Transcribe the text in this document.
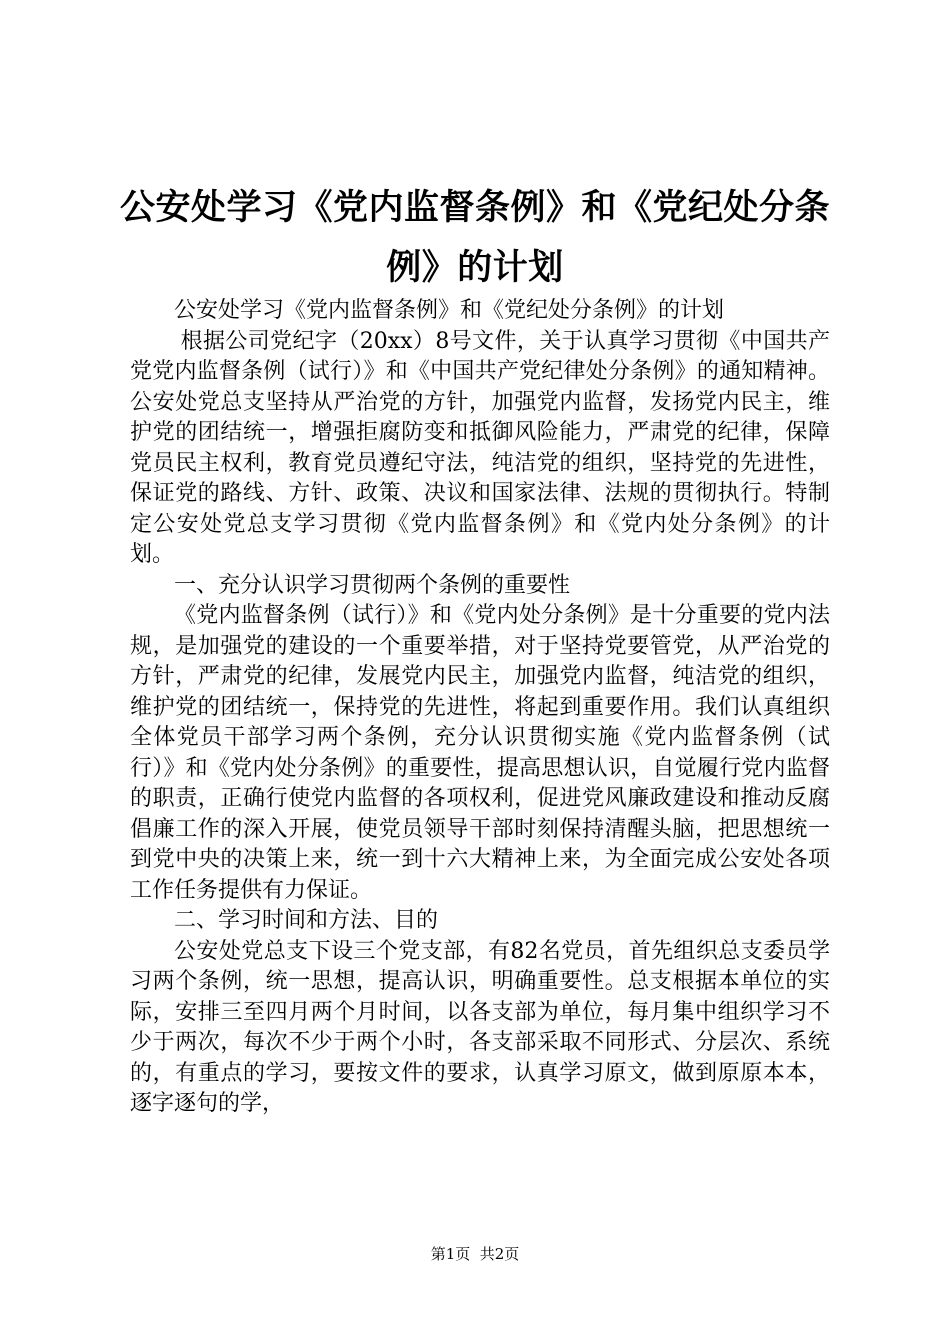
公安处学习《党内监督条例》和《党纪处分条例》的计划

公安处学习《党内监督条例》和《党纪处分条例》的计划

根据公司党纪字（20xx）8号文件，关于认真学习贯彻《中国共产党党内监督条例（试行）》和《中国共产党纪律处分条例》的通知精神。公安处党总支坚持从严治党的方针，加强党内监督，发扬党内民主，维护党的团结统一，增强拒腐防变和抵御风险能力，严肃党的纪律，保障党员民主权利，教育党员遵纪守法，纯洁党的组织，坚持党的先进性，保证党的路线、方针、政策、决议和国家法律、法规的贯彻执行。特制定公安处党总支学习贯彻《党内监督条例》和《党内处分条例》的计划。

一、充分认识学习贯彻两个条例的重要性

《党内监督条例（试行）》和《党内处分条例》是十分重要的党内法规，是加强党的建设的一个重要举措，对于坚持党要管党，从严治党的方针，严肃党的纪律，发展党内民主，加强党内监督，纯洁党的组织，维护党的团结统一，保持党的先进性，将起到重要作用。我们认真组织全体党员干部学习两个条例，充分认识贯彻实施《党内监督条例（试行）》和《党内处分条例》的重要性，提高思想认识，自觉履行党内监督的职责，正确行使党内监督的各项权利，促进党风廉政建设和推动反腐倡廉工作的深入开展，使党员领导干部时刻保持清醒头脑，把思想统一到党中央的决策上来，统一到十六大精神上来，为全面完成公安处各项工作任务提供有力保证。

二、学习时间和方法、目的

公安处党总支下设三个党支部，有82名党员，首先组织总支委员学习两个条例，统一思想，提高认识，明确重要性。总支根据本单位的实际，安排三至四月两个月时间，以各支部为单位，每月集中组织学习不少于两次，每次不少于两个小时，各支部采取不同形式、分层次、系统的，有重点的学习，要按文件的要求，认真学习原文，做到原原本本，逐字逐句的学，

第1页  共2页
